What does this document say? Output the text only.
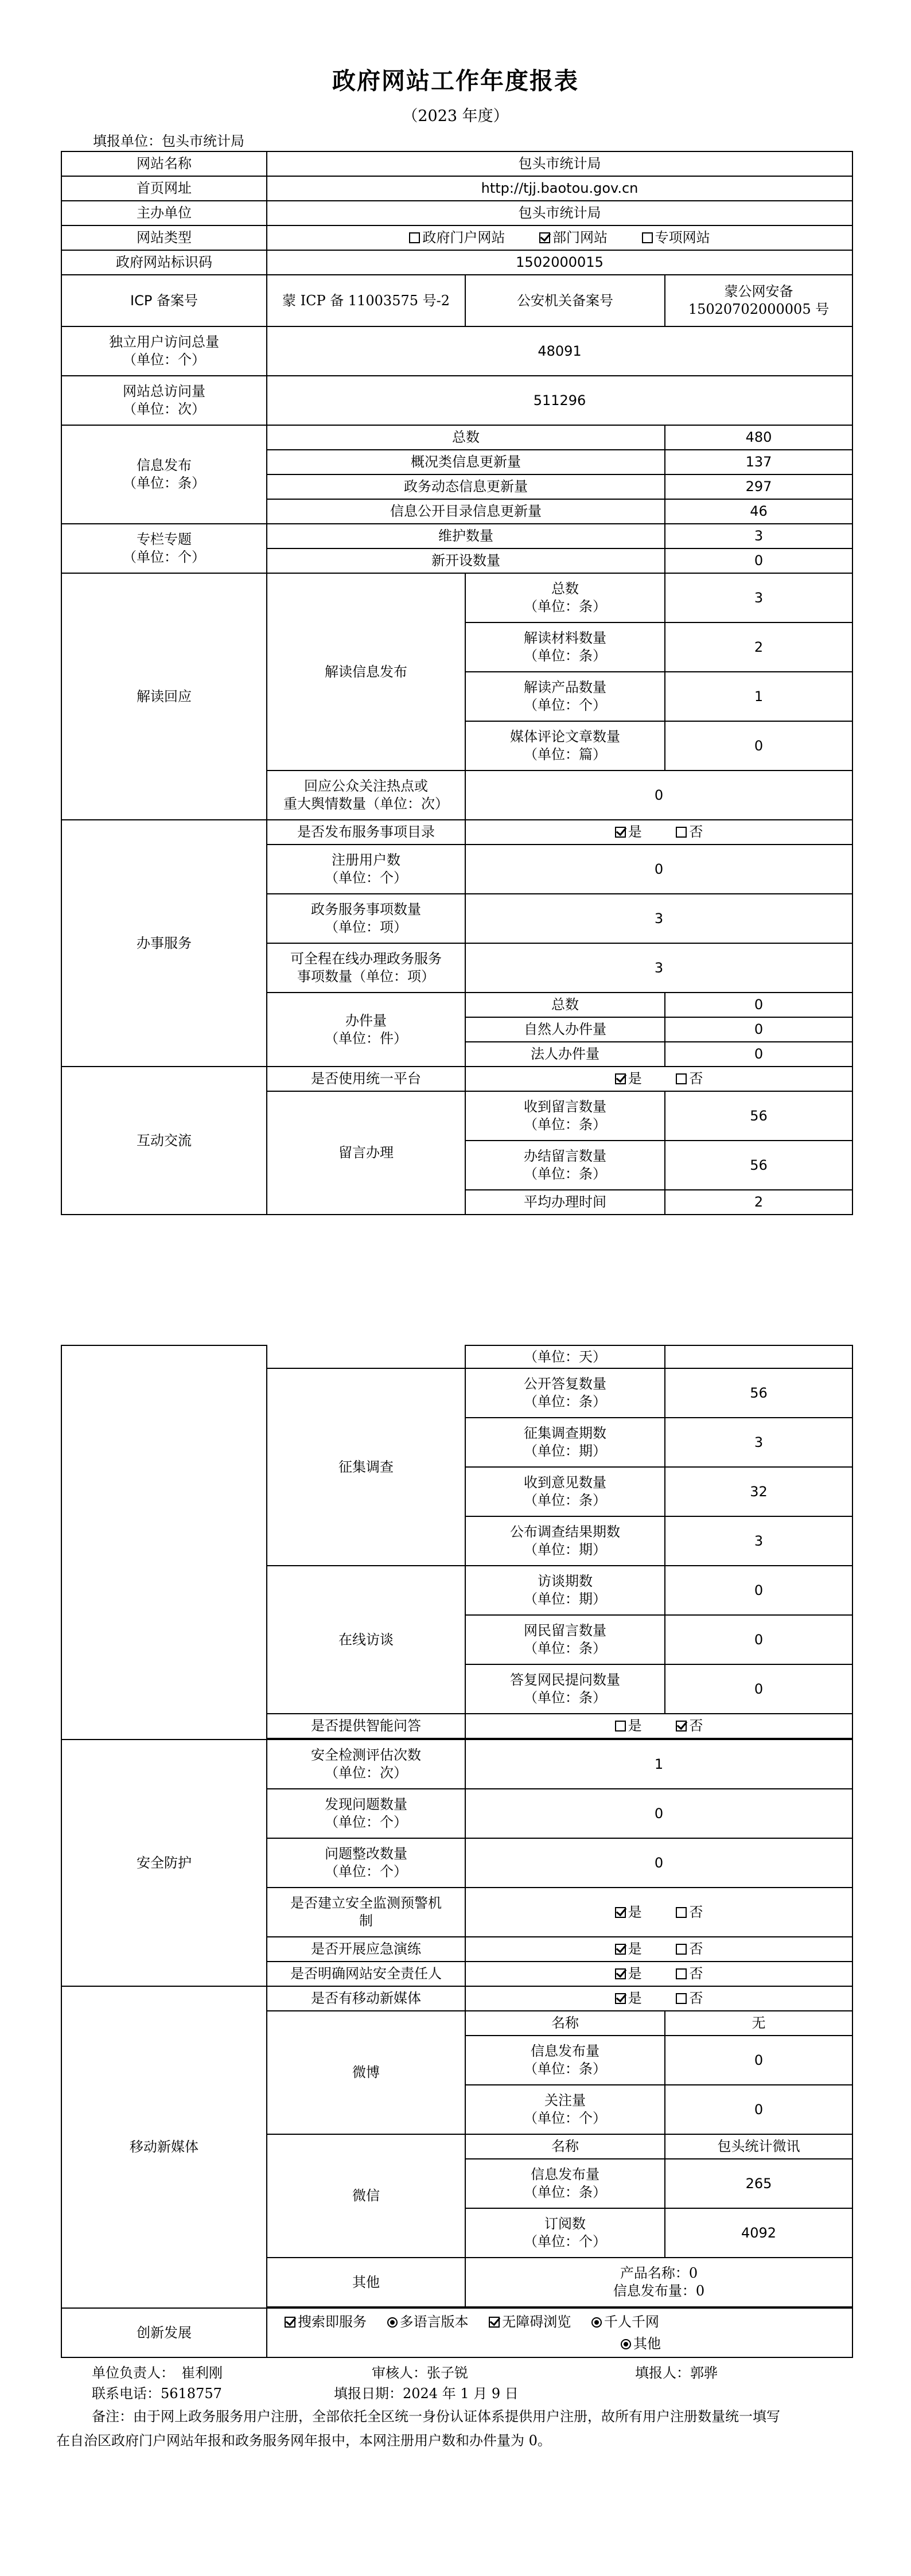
政府网站工作年度报表
（2023 年度）
填报单位：包头市统计局
网站名称	包头市统计局		
首页网址	http://tjj.baotou.gov.cn		
主办单位	包头市统计局		
网站类型	政府门户网站 部门网站 专项网站		
政府网站标识码	1502000015		
ICP 备案号	蒙 ICP 备 11003575 号-2	公安机关备案号	蒙公网安备
15020702000005 号
独立用户访问总量
（单位：个）	48091		
网站总访问量
（单位：次）	511296		
信息发布
（单位：条）	总数		480
	概况类信息更新量		137
	政务动态信息更新量		297
	信息公开目录信息更新量		46
专栏专题
（单位：个）	维护数量		3
	新开设数量		0
解读回应	解读信息发布	总数
（单位：条）	3
		解读材料数量
（单位：条）	2
		解读产品数量
（单位：个）	1
		媒体评论文章数量
（单位：篇）	0
	回应公众关注热点或
重大舆情数量（单位：次）	0	
办事服务	是否发布服务事项目录	是 否	
	注册用户数
（单位：个）	0	
	政务服务事项数量
（单位：项）	3	
	可全程在线办理政务服务
事项数量（单位：项）	3	
	办件量
（单位：件）	总数	0
		自然人办件量	0
		法人办件量	0
互动交流	是否使用统一平台	是 否	
	留言办理	收到留言数量
（单位：条）	56
		办结留言数量
（单位：条）	56
		平均办理时间	2
		（单位：天）	
	征集调查	公开答复数量
（单位：条）	56
		征集调查期数
（单位：期）	3
		收到意见数量
（单位：条）	32
		公布调查结果期数
（单位：期）	3
	在线访谈	访谈期数
（单位：期）	0
		网民留言数量
（单位：条）	0
		答复网民提问数量
（单位：条）	0
	是否提供智能问答	是 否	

安全防护	安全检测评估次数
（单位：次）	1	
	发现问题数量
（单位：个）	0	
	问题整改数量
（单位：个）	0	
	是否建立安全监测预警机
制	是 否	
	是否开展应急演练	是 否	
	是否明确网站安全责任人	是 否	
移动新媒体	是否有移动新媒体	是 否	
	微博	名称	无
		信息发布量
（单位：条）	0
		关注量
（单位：个）	0
	微信	名称	包头统计微讯
		信息发布量
（单位：条）	265
		订阅数
（单位：个）	4092
	其他	产品名称：0
信息发布量：0	

创新发展	搜索即服务 多语言版本 无障碍浏览 千人千网
其他		
单位负责人：　崔利刚	审核人：张子锐	填报人：郭骅
联系电话：5618757	填报日期：2024 年 1 月 9 日
备注：由于网上政务服务用户注册，全部依托全区统一身份认证体系提供用户注册，故所有用户注册数量统一填写
在自治区政府门户网站年报和政务服务网年报中，本网注册用户数和办件量为 0。
